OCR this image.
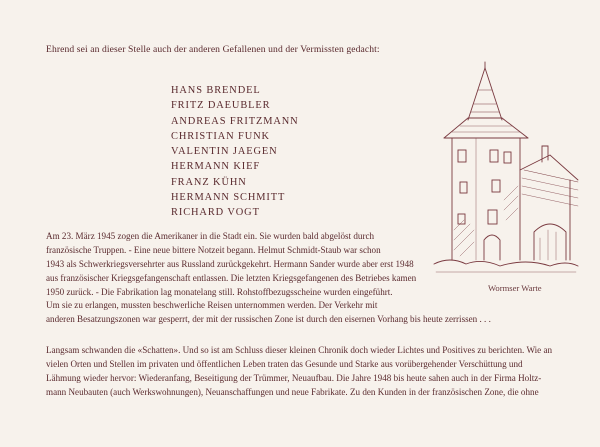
Ehrend sei an dieser Stelle auch der anderen Gefallenen und der Vermissten gedacht:
HANS BRENDEL
FRITZ DAEUBLER
ANDREAS FRITZMANN
CHRISTIAN FUNK
VALENTIN JAEGEN
HERMANN KIEF
FRANZ KÜHN
HERMANN SCHMITT
RICHARD VOGT
Wormser Warte
Am 23. März 1945 zogen die Amerikaner in die Stadt ein. Sie wurden bald abgelöst durch
französische Truppen. - Eine neue bittere Notzeit begann. Helmut Schmidt-Staub war schon
1943 als Schwerkriegsversehrter aus Russland zurückgekehrt. Hermann Sander wurde aber erst 1948
aus französischer Kriegsgefangenschaft entlassen. Die letzten Kriegsgefangenen des Betriebes kamen
1950 zurück. - Die Fabrikation lag monatelang still. Rohstoffbezugsscheine wurden eingeführt.
Um sie zu erlangen, mussten beschwerliche Reisen unternommen werden. Der Verkehr mit
anderen Besatzungszonen war gesperrt, der mit der russischen Zone ist durch den eisernen Vorhang bis heute zerrissen . . .
Langsam schwanden die «Schatten». Und so ist am Schluss dieser kleinen Chronik doch wieder Lichtes und Positives zu berichten. Wie an
vielen Orten und Stellen im privaten und öffentlichen Leben traten das Gesunde und Starke aus vorübergehender Verschüttung und
Lähmung wieder hervor: Wiederanfang, Beseitigung der Trümmer, Neuaufbau. Die Jahre 1948 bis heute sahen auch in der Firma Holtz-
mann Neubauten (auch Werkswohnungen), Neuanschaffungen und neue Fabrikate. Zu den Kunden in der französischen Zone, die ohne
